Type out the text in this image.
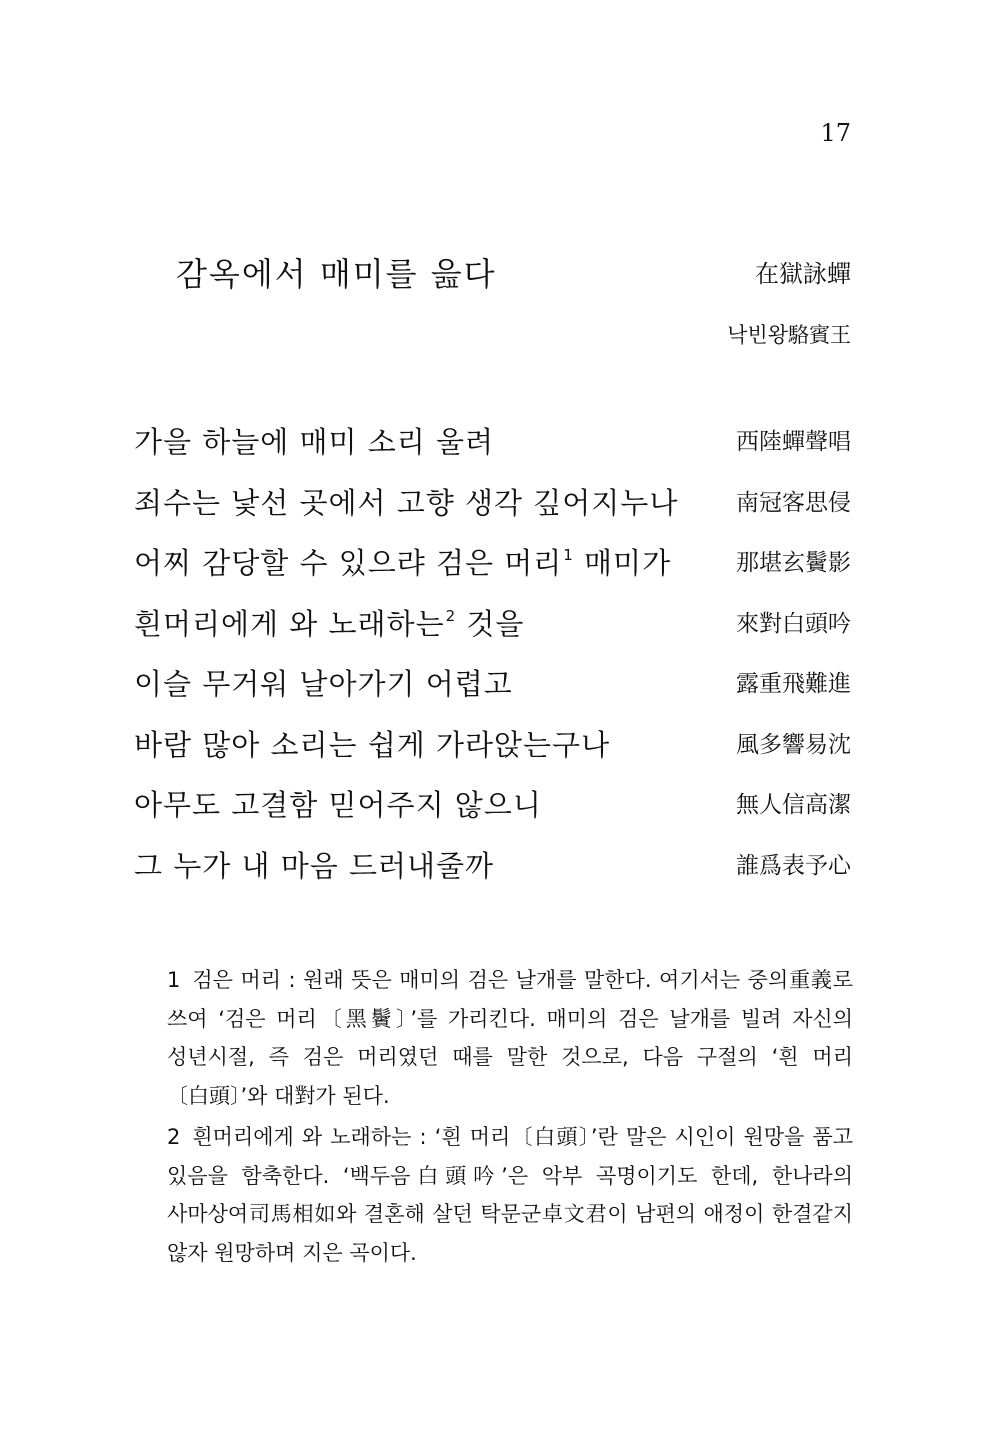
17
감옥에서 매미를 읊다	在獄詠蟬
낙빈왕駱賓王
가을 하늘에 매미 소리 울려	西陸蟬聲唱
죄수는 낯선 곳에서 고향 생각 깊어지누나	南冠客思侵
어찌 감당할 수 있으랴 검은 머리$^1$ 매미가	那堪玄鬢影
흰머리에게 와 노래하는$^2$ 것을	來對白頭吟
이슬 무거워 날아가기 어렵고	露重飛難進
바람 많아 소리는 쉽게 가라앉는구나	風多響易沈
아무도 고결함 믿어주지 않으니	無人信高潔
그 누가 내 마음 드러내줄까	誰爲表予心

1 검은 머리 : 원래 뜻은 매미의 검은 날개를 말한다. 여기서는 중의重義로 쓰여 ‘검은 머리〔黑鬢〕’를 가리킨다. 매미의 검은 날개를 빌려 자신의 성년시절, 즉 검은 머리였던 때를 말한 것으로, 다음 구절의 ‘흰 머리〔白頭〕’와 대對가 된다.

2 흰머리에게 와 노래하는 : ‘흰 머리〔白頭〕’란 말은 시인이 원망을 품고 있음을 함축한다. ‘백두음白頭吟’은 악부 곡명이기도 한데, 한나라의 사마상여司馬相如와 결혼해 살던 탁문군卓文君이 남편의 애정이 한결같지 않자 원망하며 지은 곡이다.
